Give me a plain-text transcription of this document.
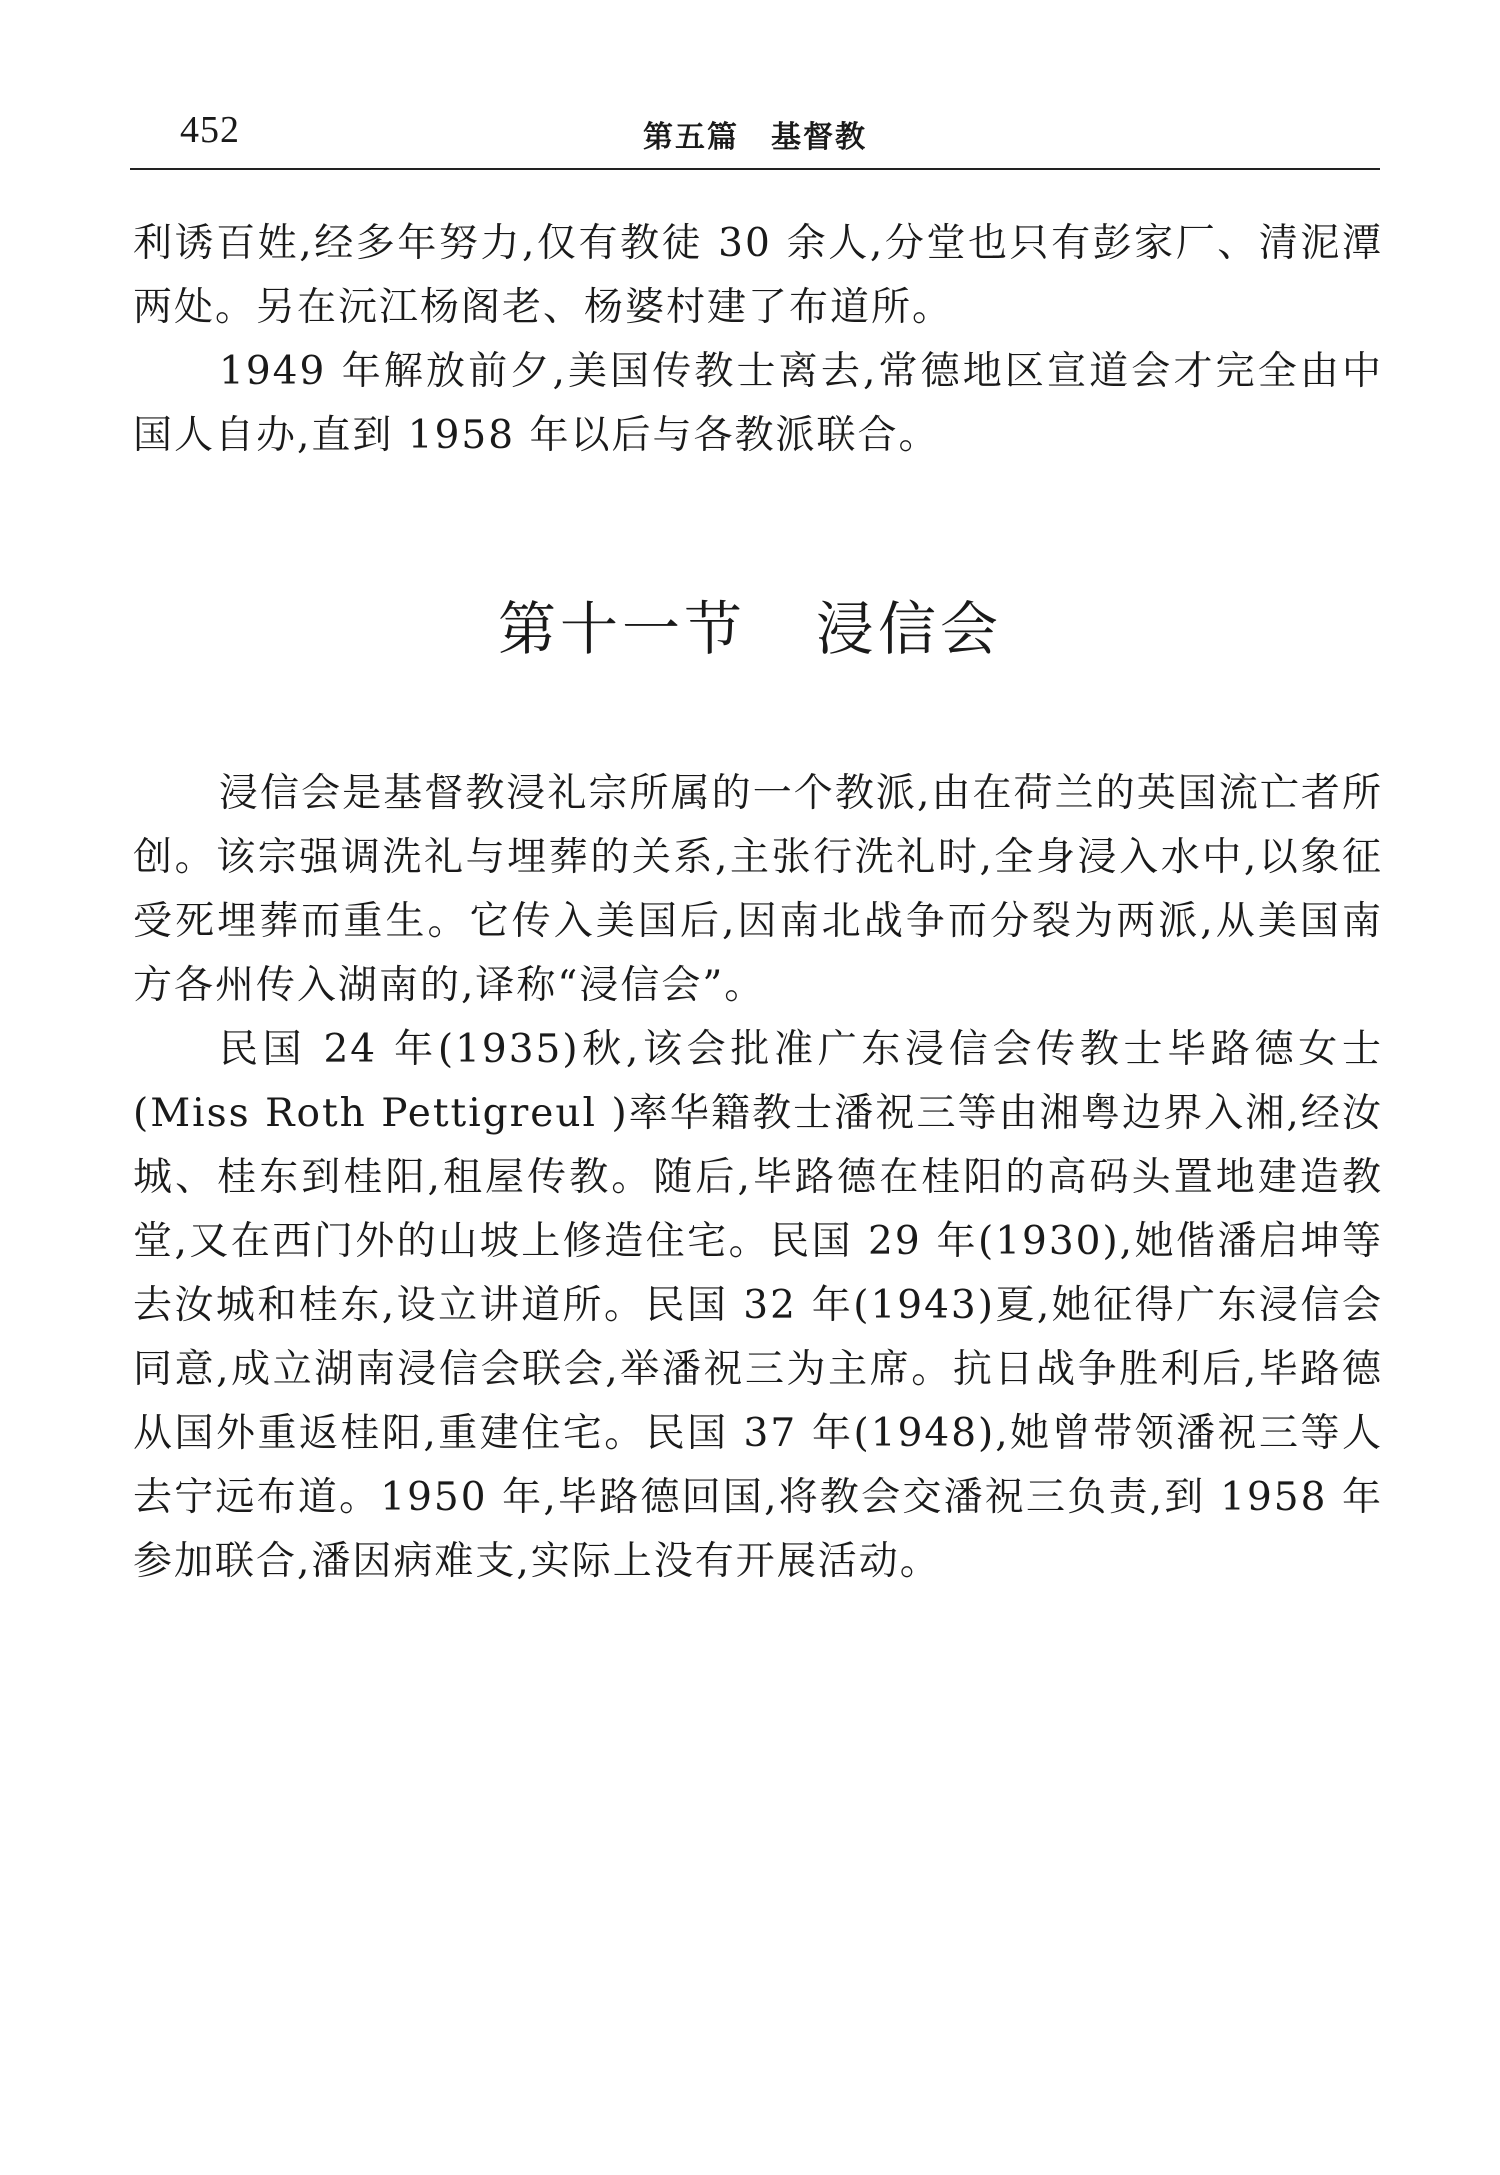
452	第五篇　基督教

利诱百姓,经多年努力,仅有教徒 30 余人,分堂也只有彭家厂、清泥潭两处。另在沅江杨阁老、杨婆村建了布道所。

1949 年解放前夕,美国传教士离去,常德地区宣道会才完全由中国人自办,直到 1958 年以后与各教派联合。

第十一节 浸信会

浸信会是基督教浸礼宗所属的一个教派,由在荷兰的英国流亡者所创。该宗强调洗礼与埋葬的关系,主张行洗礼时,全身浸入水中,以象征受死埋葬而重生。它传入美国后,因南北战争而分裂为两派,从美国南方各州传入湖南的,译称“浸信会”。

民国 24 年(1935)秋,该会批准广东浸信会传教士毕路德女士(Miss Roth Pettigreul )率华籍教士潘祝三等由湘粤边界入湘,经汝城、桂东到桂阳,租屋传教。随后,毕路德在桂阳的高码头置地建造教堂,又在西门外的山坡上修造住宅。民国 29 年(1930),她偕潘启坤等去汝城和桂东,设立讲道所。民国 32 年(1943)夏,她征得广东浸信会同意,成立湖南浸信会联会,举潘祝三为主席。抗日战争胜利后,毕路德从国外重返桂阳,重建住宅。民国 37 年(1948),她曾带领潘祝三等人去宁远布道。1950 年,毕路德回国,将教会交潘祝三负责,到 1958 年参加联合,潘因病难支,实际上没有开展活动。
